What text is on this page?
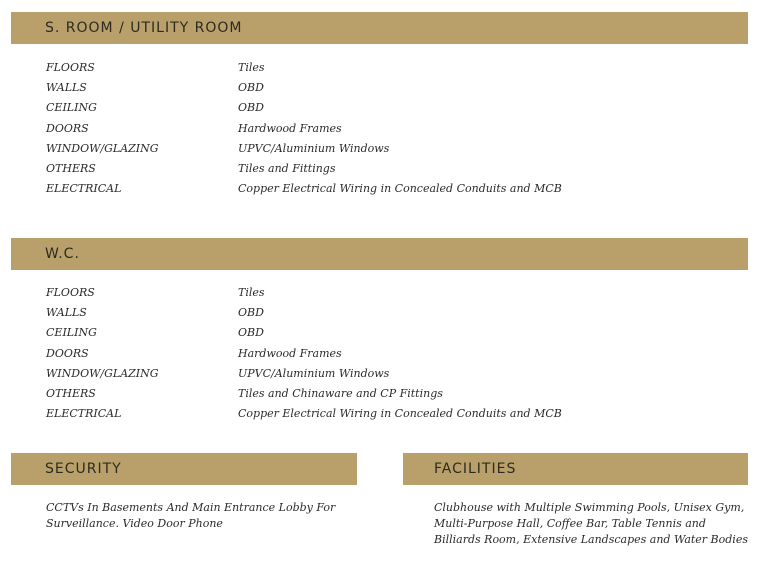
S. ROOM / UTILITY ROOM
FLOORS	Tiles
WALLS	OBD
CEILING	OBD
DOORS	Hardwood Frames
WINDOW/GLAZING	UPVC/Aluminium Windows
OTHERS	Tiles and Fittings
ELECTRICAL	Copper Electrical Wiring in Concealed Conduits and MCB
W.C.
FLOORS	Tiles
WALLS	OBD
CEILING	OBD
DOORS	Hardwood Frames
WINDOW/GLAZING	UPVC/Aluminium Windows
OTHERS	Tiles and Chinaware and CP Fittings
ELECTRICAL	Copper Electrical Wiring in Concealed Conduits and MCB
SECURITY
CCTVs In Basements And Main Entrance Lobby For
Surveillance. Video Door Phone
FACILITIES
Clubhouse with Multiple Swimming Pools, Unisex Gym,
Multi-Purpose Hall, Coffee Bar, Table Tennis and
Billiards Room, Extensive Landscapes and Water Bodies
